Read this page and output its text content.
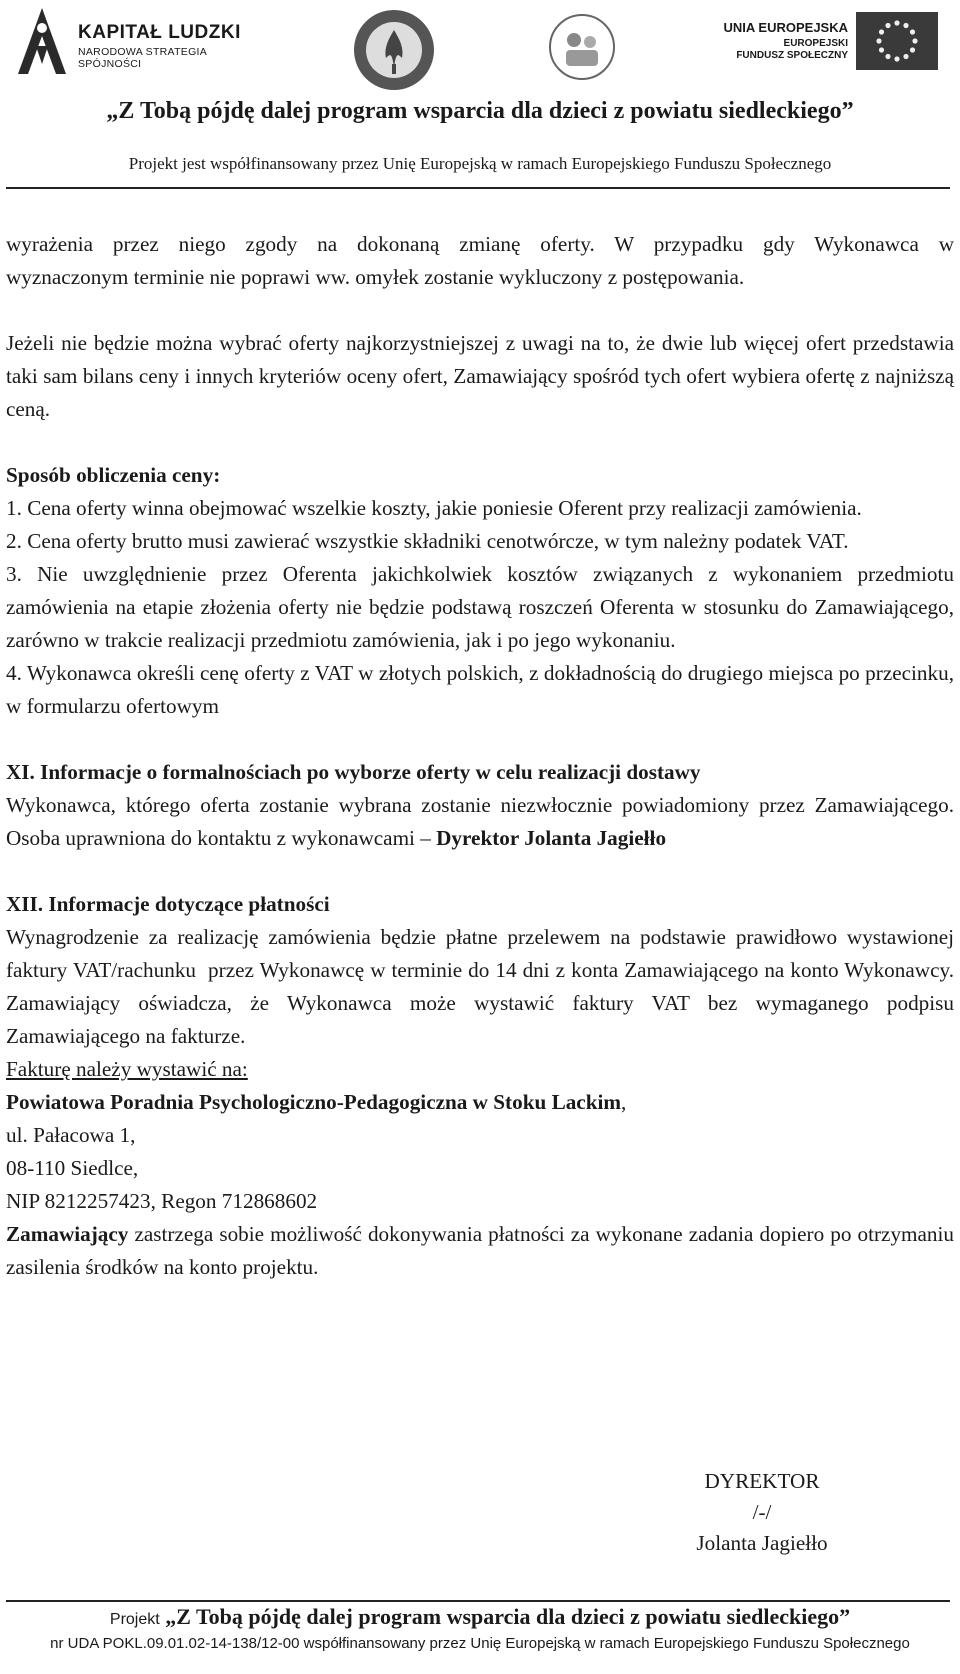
KAPITAŁ LUDZKI
NARODOWA STRATEGIA SPÓJNOŚCI
UNIA EUROPEJSKA
EUROPEJSKI
FUNDUSZ SPOŁECZNY
„Z Tobą pójdę dalej program wsparcia dla dzieci z powiatu siedleckiego”
Projekt jest współfinansowany przez Unię Europejską w ramach Europejskiego Funduszu Społecznego

wyrażenia przez niego zgody na dokonaną zmianę oferty. W przypadku gdy Wykonawca w

wyznaczonym terminie nie poprawi ww. omyłek zostanie wykluczony z postępowania.

Jeżeli nie będzie można wybrać oferty najkorzystniejszej z uwagi na to, że dwie lub więcej ofert przedstawia taki sam bilans ceny i innych kryteriów oceny ofert, Zamawiający spośród tych ofert wybiera ofertę z najniższą ceną.

Sposób obliczenia ceny:

1. Cena oferty winna obejmować wszelkie koszty, jakie poniesie Oferent przy realizacji zamówienia.

2. Cena oferty brutto musi zawierać wszystkie składniki cenotwórcze, w tym należny podatek VAT.

3. Nie uwzględnienie przez Oferenta jakichkolwiek kosztów związanych z wykonaniem przedmiotu zamówienia na etapie złożenia oferty nie będzie podstawą roszczeń Oferenta w stosunku do Zamawiającego, zarówno w trakcie realizacji przedmiotu zamówienia, jak i po jego wykonaniu.

4. Wykonawca określi cenę oferty z VAT w złotych polskich, z dokładnością do drugiego miejsca po przecinku, w formularzu ofertowym

XI. Informacje o formalnościach po wyborze oferty w celu realizacji dostawy

Wykonawca, którego oferta zostanie wybrana zostanie niezwłocznie powiadomiony przez Zamawiającego. Osoba uprawniona do kontaktu z wykonawcami – Dyrektor Jolanta Jagiełło

XII. Informacje dotyczące płatności

Wynagrodzenie za realizację zamówienia będzie płatne przelewem na podstawie prawidłowo wystawionej faktury VAT/rachunku  przez Wykonawcę w terminie do 14 dni z konta Zamawiającego na konto Wykonawcy. Zamawiający oświadcza, że Wykonawca może wystawić faktury VAT bez wymaganego podpisu Zamawiającego na fakturze.

Fakturę należy wystawić na:

Powiatowa Poradnia Psychologiczno-Pedagogiczna w Stoku Lackim,

ul. Pałacowa 1,

08-110 Siedlce,

NIP 8212257423, Regon 712868602

Zamawiający zastrzega sobie możliwość dokonywania płatności za wykonane zadania dopiero po otrzymaniu zasilenia środków na konto projektu.

DYREKTOR
/-/
Jolanta Jagiełło
Projekt „Z Tobą pójdę dalej program wsparcia dla dzieci z powiatu siedleckiego”
nr UDA POKL.09.01.02-14-138/12-00 współfinansowany przez Unię Europejską w ramach Europejskiego Funduszu Społecznego
